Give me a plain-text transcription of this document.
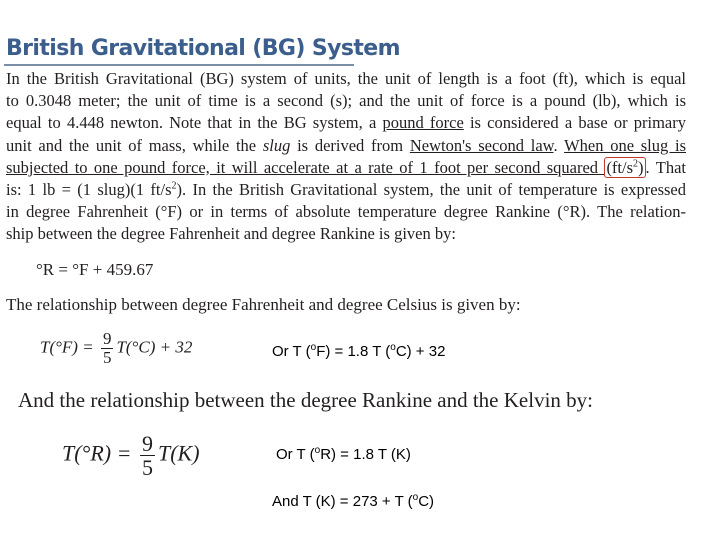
British Gravitational (BG) System
In the British Gravitational (BG) system of units, the unit of length is a foot (ft), which is equal
to 0.3048 meter; the unit of time is a second (s); and the unit of force is a pound (lb), which is
equal to 4.448 newton. Note that in the BG system, a pound force is considered a base or primary
unit and the unit of mass, while the slug is derived from Newton's second law. When one slug is
subjected to one pound force, it will accelerate at a rate of 1 foot per second squared $(ft/s^2)$ . That
is: 1 lb = (1 slug)(1 $ft/s^2$). In the British Gravitational system, the unit of temperature is expressed
in degree Fahrenheit (°F) or in terms of absolute temperature degree Rankine (°R). The relation-
ship between the degree Fahrenheit and degree Rankine is given by:
°R = °F + 459.67
The relationship between degree Fahrenheit and degree Celsius is given by:
$T(^\circ F) = \frac{9}{5} T(^\circ C) + 32$	Or T ($^o$F) = 1.8 T ($^o$C) + 32
And the relationship between the degree Rankine and the Kelvin by:
$T(^\circ R) = \frac{9}{5} T(K)$	Or T ($^o$R) = 1.8 T (K)
And T (K) = 273 + T ($^o$C)
